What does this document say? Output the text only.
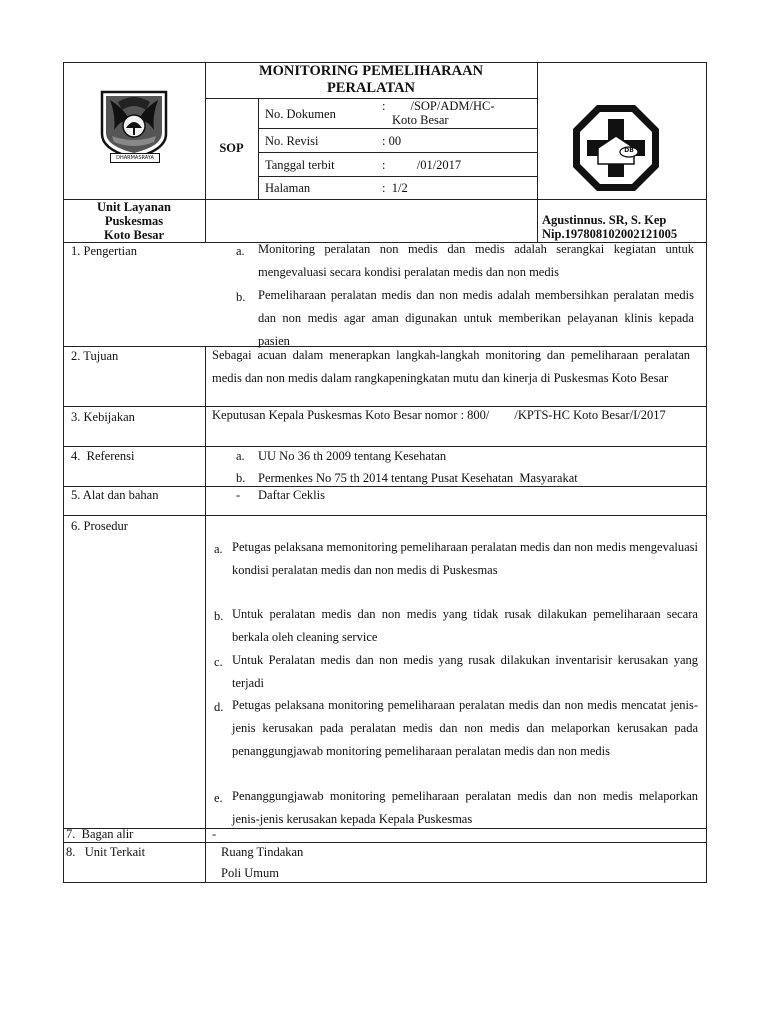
DHARMASRAYA
MONITORING PEMELIHARAAN
PERALATAN
SOP
No. Dokumen
:        /SOP/ADM/HC-
Koto Besar
No. Revisi	: 00
Tanggal terbit	:          /01/2017
Halaman	:  1/2
DB
Unit Layanan
Puskesmas
Koto Besar
Agustinnus. SR, S. Kep
Nip.197808102002121005
1. Pengertian	a. Monitoring peralatan non medis dan medis adalah serangkai kegiatan untuk mengevaluasi secara kondisi peralatan medis dan non medis
b. Pemeliharaan peralatan medis dan non medis adalah membersihkan peralatan medis dan non medis agar aman digunakan untuk memberikan pelayanan klinis kepada pasien
2. Tujuan	Sebagai acuan dalam menerapkan langkah-langkah monitoring dan pemeliharaan peralatan medis dan non medis dalam rangkapeningkatan mutu dan kinerja di Puskesmas Koto Besar
3. Kebijakan	Keputusan Kepala Puskesmas Koto Besar nomor : 800/        /KPTS-HC Koto Besar/I/2017
4.  Referensi	a. UU No 36 th 2009 tentang Kesehatan
b. Permenkes No 75 th 2014 tentang Pusat Kesehatan  Masyarakat
5. Alat dan bahan	- Daftar Ceklis
6. Prosedur
a. Petugas pelaksana memonitoring pemeliharaan peralatan medis dan non medis mengevaluasi kondisi peralatan medis dan non medis di Puskesmas
b. Untuk peralatan medis dan non medis yang tidak rusak dilakukan pemeliharaan secara berkala oleh cleaning service
c. Untuk Peralatan medis dan non medis yang rusak dilakukan inventarisir kerusakan yang terjadi
d. Petugas pelaksana monitoring pemeliharaan peralatan medis dan non medis mencatat jenis- jenis kerusakan pada peralatan medis dan non medis dan melaporkan kerusakan pada penanggungjawab monitoring pemeliharaan peralatan medis dan non medis
e. Penanggungjawab monitoring pemeliharaan peralatan medis dan non medis melaporkan jenis-jenis kerusakan kepada Kepala Puskesmas
7.  Bagan alir	-
8.   Unit Terkait	Ruang Tindakan
Poli Umum
